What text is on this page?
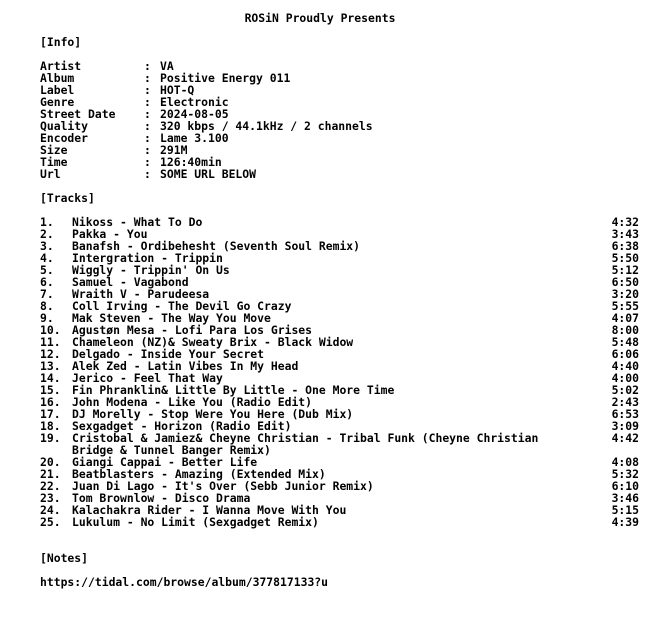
ROSiN Proudly Presents
[Info]
Artist	: VA
Album	: Positive Energy 011
Label	: HOT-Q
Genre	: Electronic
Street Date	: 2024-08-05
Quality	: 320 kbps / 44.1kHz / 2 channels
Encoder	: Lame 3.100
Size	: 291M
Time	: 126:40min
Url	: SOME URL BELOW
[Tracks]
1. Nikoss - What To Do	4:32
2. Pakka - You	3:43
3. Banafsh - Ordibehesht (Seventh Soul Remix)	6:38
4. Intergration - Trippin	5:50
5. Wiggly - Trippin' On Us	5:12
6. Samuel - Vagabond	6:50
7. Wraith V - Parudeesa	3:20
8. Coll Irving - The Devil Go Crazy	5:55
9. Mak Steven - The Way You Move	4:07
10. Agustøn Mesa - Lofi Para Los Grises	8:00
11. Chameleon (NZ)& Sweaty Brix - Black Widow	5:48
12. Delgado - Inside Your Secret	6:06
13. Alek Zed - Latin Vibes In My Head	4:40
14. Jerico - Feel That Way	4:00
15. Fin Phranklin& Little By Little - One More Time	5:02
16. John Modena - Like You (Radio Edit)	2:43
17. DJ Morelly - Stop Were You Here (Dub Mix)	6:53
18. Sexgadget - Horizon (Radio Edit)	3:09
19. Cristobal & Jamiez& Cheyne Christian - Tribal Funk (Cheyne Christian Bridge & Tunnel Banger Remix)
4:42
20. Giangi Cappai - Better Life	4:08
21. Beatblasters - Amazing (Extended Mix)	5:32
22. Juan Di Lago - It's Over (Sebb Junior Remix)	6:10
23. Tom Brownlow - Disco Drama	3:46
24. Kalachakra Rider - I Wanna Move With You	5:15
25. Lukulum - No Limit (Sexgadget Remix)	4:39
[Notes]
https://tidal.com/browse/album/377817133?u
